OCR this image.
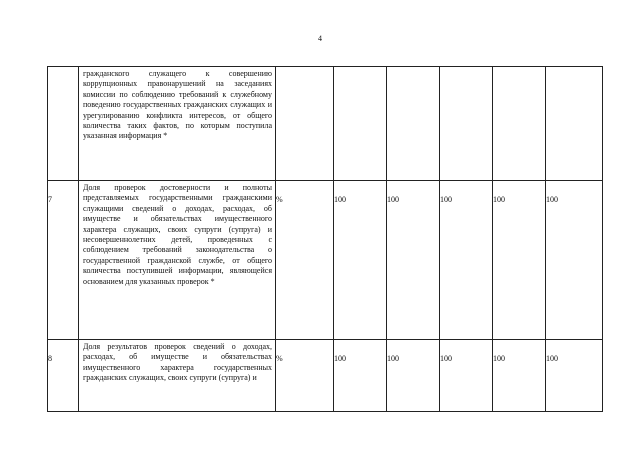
4
	гражданского служащего к совершению коррупционных правонарушений на заседаниях комиссии по соблюдению требований к служебному поведению государственных гражданских служащих и урегулированию конфликта интересов, от общего количества таких фактов, по которым поступила указанная информация *						
7	Доля проверок достоверности и полноты представляемых государственными гражданскими служащими сведений о доходах, расходах, об имуществе и обязательствах имущественного характера служащих, своих супруги (супруга) и несовершеннолетних детей, проведенных с соблюдением требований законодательства о государственной гражданской службе, от общего количества поступившей информации, являющейся основанием для указанных проверок *	%	100	100	100	100	100
8	Доля результатов проверок сведений о доходах, расходах, об имуществе и обязательствах имущественного характера государственных гражданских служащих, своих супруги (супруга) и	%	100	100	100	100	100
